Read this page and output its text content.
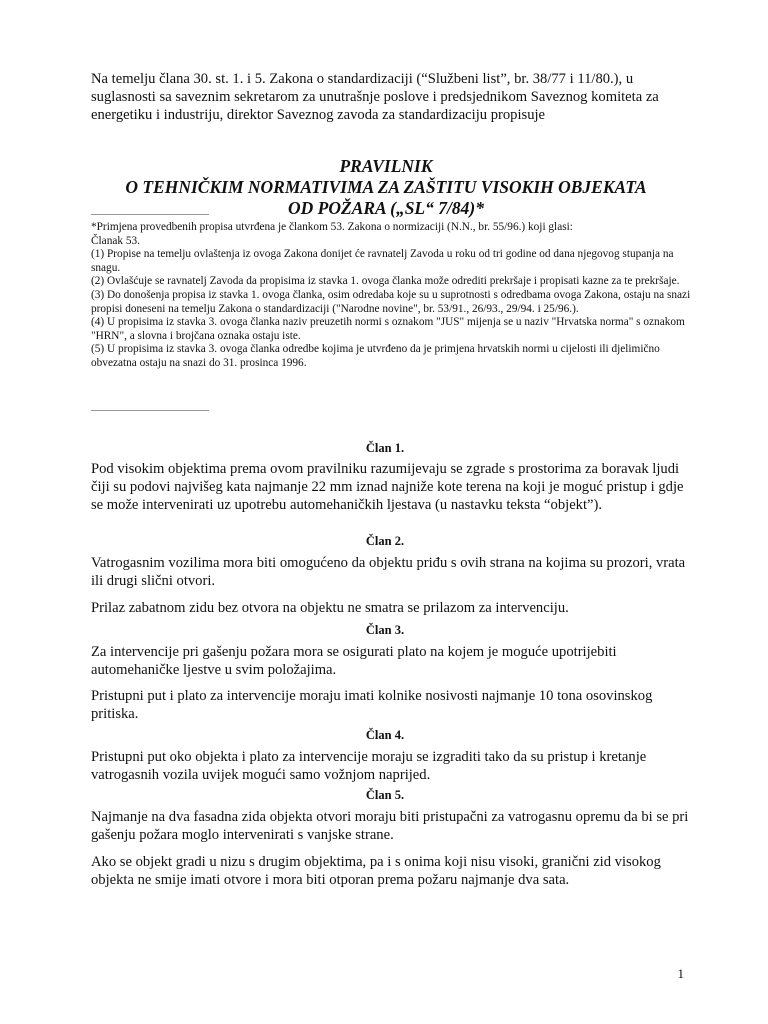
Na temelju člana 30. st. 1. i 5. Zakona o standardizaciji (“Službeni list”, br. 38/77 i 11/80.), u suglasnosti sa saveznim sekretarom za unutrašnje poslove i predsjednikom Saveznog komiteta za energetiku i industriju, direktor Saveznog zavoda za standardizaciju propisuje

PRAVILNIK
O TEHNIČKIM NORMATIVIMA ZA ZAŠTITU VISOKIH OBJEKATA
OD POŽARA („SL“ 7/84)*

*Primjena provedbenih propisa utvrđena je člankom 53. Zakona o normizaciji (N.N., br. 55/96.) koji glasi:

Članak 53.

(1) Propise na temelju ovlaštenja iz ovoga Zakona donijet će ravnatelj Zavoda u roku od tri godine od dana njegovog stupanja na snagu.

(2) Ovlašćuje se ravnatelj Zavoda da propisima iz stavka 1. ovoga članka može odrediti prekršaje i propisati kazne za te prekršaje.

(3) Do donošenja propisa iz stavka 1. ovoga članka, osim odredaba koje su u suprotnosti s odredbama ovoga Zakona, ostaju na snazi propisi doneseni na temelju Zakona o standardizaciji ("Narodne novine", br. 53/91., 26/93., 29/94. i 25/96.).

(4) U propisima iz stavka 3. ovoga članka naziv preuzetih normi s oznakom "JUS" mijenja se u naziv "Hrvatska norma" s oznakom "HRN", a slovna i brojčana oznaka ostaju iste.

(5) U propisima iz stavka 3. ovoga članka odredbe kojima je utvrđeno da je primjena hrvatskih normi u cijelosti ili djelimično obvezatna ostaju na snazi do 31. prosinca 1996.

Član 1.

Pod visokim objektima prema ovom pravilniku razumijevaju se zgrade s prostorima za boravak ljudi čiji su podovi najvišeg kata najmanje 22 mm iznad najniže kote terena na koji je moguć pristup i gdje se može intervenirati uz upotrebu automehaničkih ljestava (u nastavku teksta “objekt”).

Član 2.

Vatrogasnim vozilima mora biti omogućeno da objektu priđu s ovih strana na kojima su prozori, vrata ili drugi slični otvori.

Prilaz zabatnom zidu bez otvora na objektu ne smatra se prilazom za intervenciju.

Član 3.

Za intervencije pri gašenju požara mora se osigurati plato na kojem je moguće upotrijebiti automehaničke ljestve u svim položajima.

Pristupni put i plato za intervencije moraju imati kolnike nosivosti najmanje 10 tona osovinskog pritiska.

Član 4.

Pristupni put oko objekta i plato za intervencije moraju se izgraditi tako da su pristup i kretanje vatrogasnih vozila uvijek mogući samo vožnjom naprijed.

Član 5.

Najmanje na dva fasadna zida objekta otvori moraju biti pristupačni za vatrogasnu opremu da bi se pri gašenju požara moglo intervenirati s vanjske strane.

Ako se objekt gradi u nizu s drugim objektima, pa i s onima koji nisu visoki, granični zid visokog objekta ne smije imati otvore i mora biti otporan prema požaru najmanje dva sata.

1
